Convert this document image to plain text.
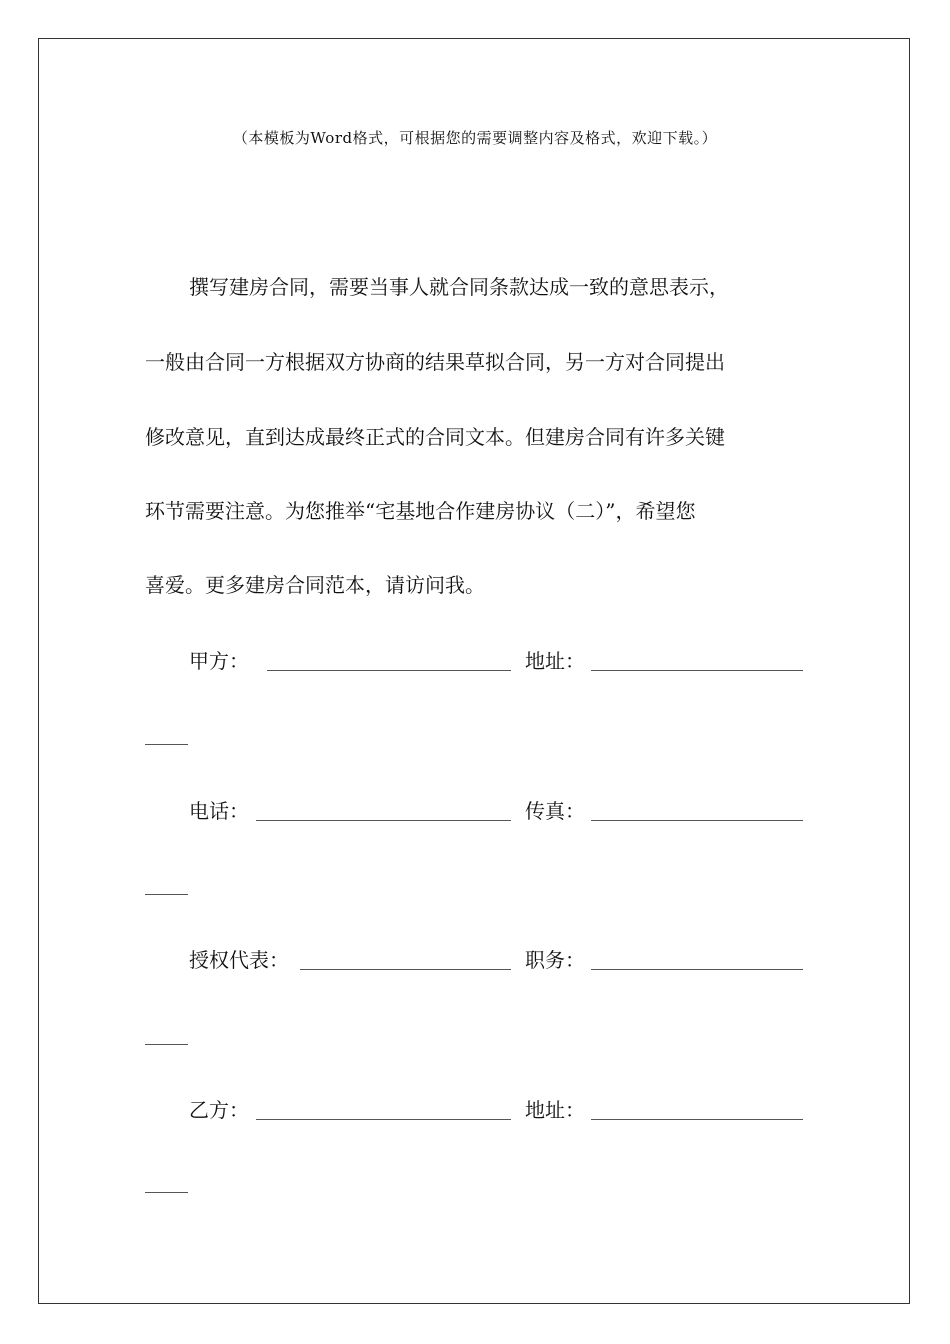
（本模板为Word格式，可根据您的需要调整内容及格式，欢迎下载。）
撰写建房合同，需要当事人就合同条款达成一致的意思表示，
一般由合同一方根据双方协商的结果草拟合同，另一方对合同提出
修改意见，直到达成最终正式的合同文本。但建房合同有许多关键
环节需要注意。为您推举“宅基地合作建房协议（二）”，希望您
喜爱。更多建房合同范本，请访问我。
甲方：	地址：
电话：	传真：
授权代表：	职务：
乙方：	地址：
